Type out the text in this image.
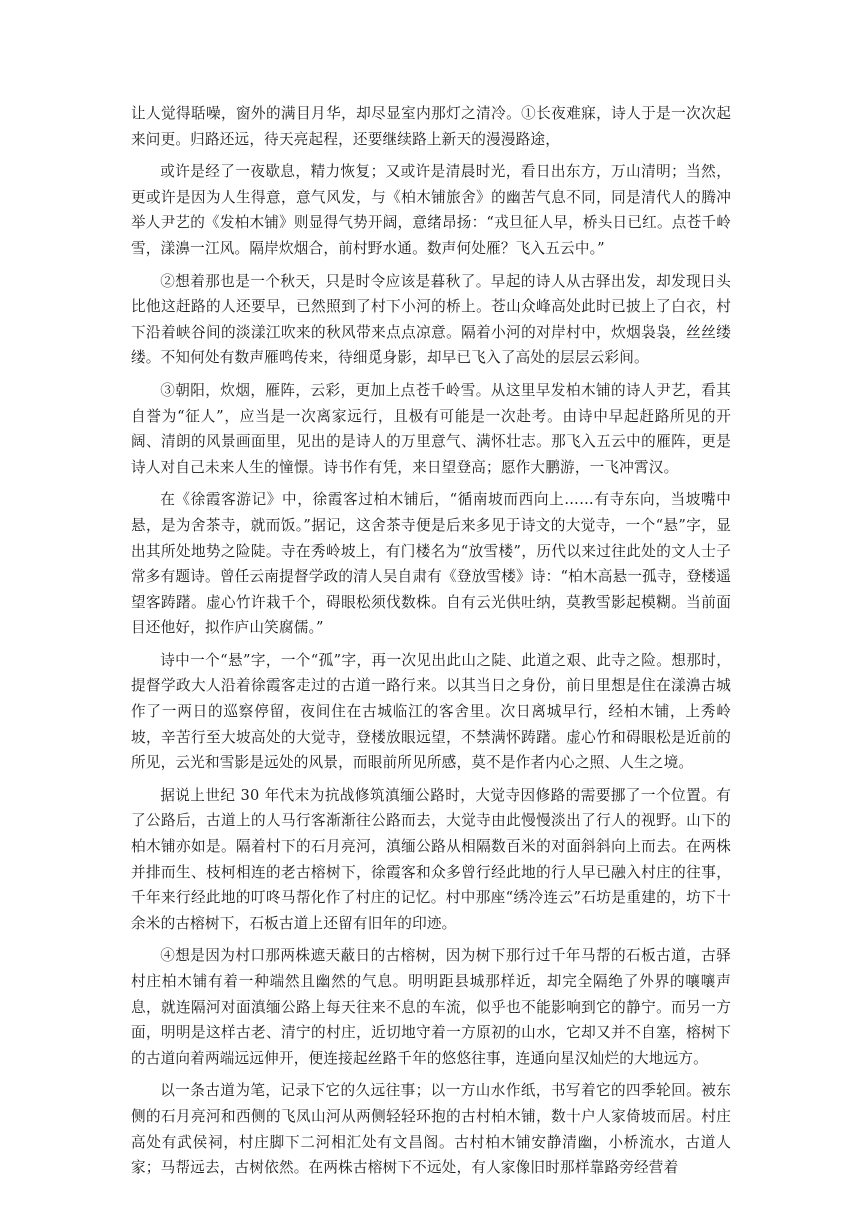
让人觉得聒噪，窗外的满目月华，却尽显室内那灯之清冷。①长夜难寐，诗人于是一次次起来问更。归路还远，待天亮起程，还要继续路上新天的漫漫路途，

或许是经了一夜歇息，精力恢复；又或许是清晨时光，看日出东方，万山清明；当然，更或许是因为人生得意，意气风发，与《柏木铺旅舍》的幽苦气息不同，同是清代人的腾冲举人尹艺的《发柏木铺》则显得气势开阔，意绪昂扬：“戎旦征人早，桥头日已红。点苍千岭雪，漾濞一江风。隔岸炊烟合，前村野水通。数声何处雁？飞入五云中。”

②想着那也是一个秋天，只是时令应该是暮秋了。早起的诗人从古驿出发，却发现日头比他这赶路的人还要早，已然照到了村下小河的桥上。苍山众峰高处此时已披上了白衣，村下沿着峡谷间的淡漾江吹来的秋风带来点点凉意。隔着小河的对岸村中，炊烟袅袅，丝丝缕缕。不知何处有数声雁鸣传来，待细觅身影，却早已飞入了高处的层层云彩间。

③朝阳，炊烟，雁阵，云彩，更加上点苍千岭雪。从这里早发柏木铺的诗人尹艺，看其自誉为“征人”，应当是一次离家远行，且极有可能是一次赴考。由诗中早起赶路所见的开阔、清朗的风景画面里，见出的是诗人的万里意气、满怀壮志。那飞入五云中的雁阵，更是诗人对自己未来人生的憧憬。诗书作有凭，来日望登高；愿作大鹏游，一飞冲霄汉。

在《徐霞客游记》中，徐霞客过柏木铺后，“循南坡而西向上……有寺东向，当坡嘴中悬，是为舍茶寺，就而饭。”据记，这舍茶寺便是后来多见于诗文的大觉寺，一个“悬”字，显出其所处地势之险陡。寺在秀岭坡上，有门楼名为“放雪楼”，历代以来过往此处的文人士子常多有题诗。曾任云南提督学政的清人吴自肃有《登放雪楼》诗：“柏木高悬一孤寺，登楼遥望客踌躇。虚心竹许栽千个，碍眼松须伐数株。自有云光供吐纳，莫教雪影起模糊。当前面目还他好，拟作庐山笑腐儒。”

诗中一个“悬”字，一个“孤”字，再一次见出此山之陡、此道之艰、此寺之险。想那时，提督学政大人沿着徐霞客走过的古道一路行来。以其当日之身份，前日里想是住在漾濞古城作了一两日的巡察停留，夜间住在古城临江的客舍里。次日离城早行，经柏木铺，上秀岭坡，辛苦行至大坡高处的大觉寺，登楼放眼远望，不禁满怀踌躇。虚心竹和碍眼松是近前的所见，云光和雪影是远处的风景，而眼前所见所感，莫不是作者内心之照、人生之境。

据说上世纪 30 年代末为抗战修筑滇缅公路时，大觉寺因修路的需要挪了一个位置。有了公路后，古道上的人马行客渐渐往公路而去，大觉寺由此慢慢淡出了行人的视野。山下的柏木铺亦如是。隔着村下的石月亮河，滇缅公路从相隔数百米的对面斜斜向上而去。在两株并排而生、枝柯相连的老古榕树下，徐霞客和众多曾行经此地的行人早已融入村庄的往事，千年来行经此地的叮咚马帮化作了村庄的记忆。村中那座“绣冷连云”石坊是重建的，坊下十余米的古榕树下，石板古道上还留有旧年的印迹。

④想是因为村口那两株遮天蔽日的古榕树，因为树下那行过千年马帮的石板古道，古驿村庄柏木铺有着一种端然且幽然的气息。明明距县城那样近，却完全隔绝了外界的嚷嚷声息，就连隔河对面滇缅公路上每天往来不息的车流，似乎也不能影响到它的静宁。而另一方面，明明是这样古老、清宁的村庄，近切地守着一方原初的山水，它却又并不自塞，榕树下的古道向着两端远远伸开，便连接起丝路千年的悠悠往事，连通向星汉灿烂的大地远方。

以一条古道为笔，记录下它的久远往事；以一方山水作纸，书写着它的四季轮回。被东侧的石月亮河和西侧的飞凤山河从两侧轻轻环抱的古村柏木铺，数十户人家倚坡而居。村庄高处有武侯祠，村庄脚下二河相汇处有文昌阁。古村柏木铺安静清幽，小桥流水，古道人家；马帮远去，古树依然。在两株古榕树下不远处，有人家像旧时那样靠路旁经营着
